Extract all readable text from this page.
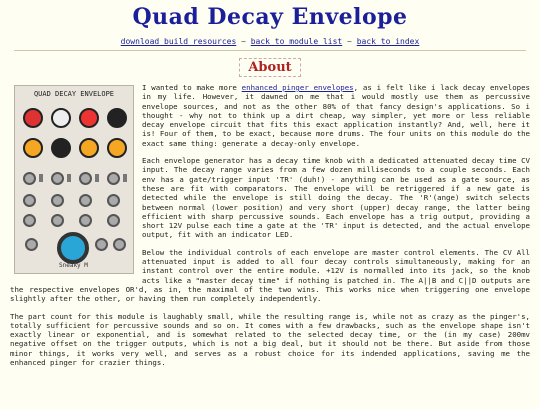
Quad Decay Envelope
download build resources ~ back to module list ~ back to index
About
QUAD DECAY ENVELOPE
Sneaky M

I wanted to make more enhanced pinger envelopes, as i felt like i lack decay envelopes in my life. However, it dawned on me that i would mostly use them as percussive envelope sources, and not as the other 80% of that fancy design's applications. So i thought - why not to think up a dirt cheap, way simpler, yet more or less reliable decay envelope circuit that fits this exact application instantly? And, well, here it is! Four of them, to be exact, because more drums. The four units on this module do the exact same thing: generate a decay-only envelope.

Each envelope generator has a decay time knob with a dedicated attenuated decay time CV input. The decay range varies from a few dozen milliseconds to a couple seconds. Each env has a gate/trigger input 'TR' (duh!) - anything can be used as a gate source, as these are fit with comparators. The envelope will be retriggered if a new gate is detected while the envelope is still doing the decay. The 'R'(ange) switch selects between normal (lower position) and very short (upper) decay range, the latter being efficient with sharp percussive sounds. Each envelope has a trig output, providing a short 12V pulse each time a gate at the 'TR' input is detected, and the actual envelope output, fit with an indicator LED.

Below the individual controls of each envelope are master control elements. The CV All attenuated input is added to all four decay controls simultaneously, making for an instant control over the entire module. +12V is normalled into its jack, so the knob acts like a "master decay time" if nothing is patched in. The A||B and C||D outputs are the respective envelopes OR'd, as in, the maximal of the two wins. This works nice when triggering one envelope slightly after the other, or having them run completely independently.

The part count for this module is laughably small, while the resulting range is, while not as crazy as the pinger's, totally sufficient for percussive sounds and so on. It comes with a few drawbacks, such as the envelope shape isn't exactly linear or exponential, and is somewhat related to the selected decay time, or the (in my case) 200mv negative offset on the trigger outputs, which is not a big deal, but it should not be there. But aside from those minor things, it works very well, and serves as a robust choice for its indended applications, saving me the enhanced pinger for crazier things.
